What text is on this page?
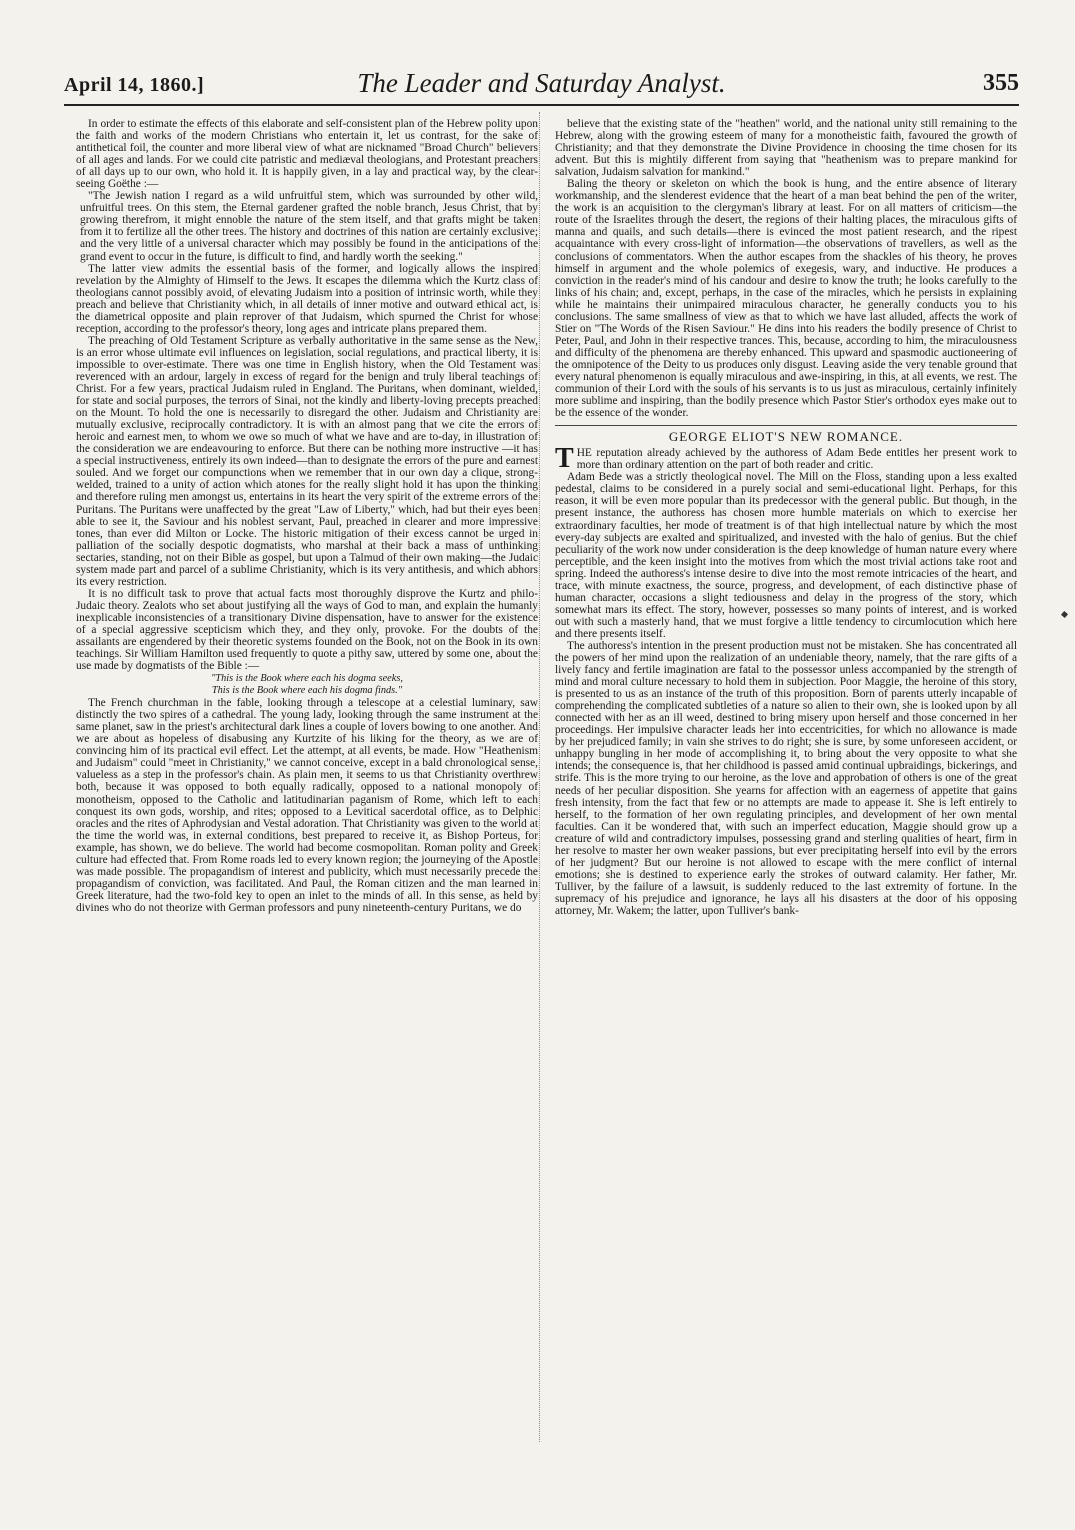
April 14, 1860.]	The Leader and Saturday Analyst.	355

In order to estimate the effects of this elaborate and self-consistent plan of the Hebrew polity upon the faith and works of the modern Christians who entertain it, let us contrast, for the sake of antithetical foil, the counter and more liberal view of what are nicknamed "Broad Church" believers of all ages and lands. For we could cite patristic and mediæval theologians, and Protestant preachers of all days up to our own, who hold it. It is happily given, in a lay and practical way, by the clear-seeing Goëthe :—

"The Jewish nation I regard as a wild unfruitful stem, which was surrounded by other wild, unfruitful trees. On this stem, the Eternal gardener grafted the noble branch, Jesus Christ, that by growing therefrom, it might ennoble the nature of the stem itself, and that grafts might be taken from it to fertilize all the other trees. The history and doctrines of this nation are certainly exclusive; and the very little of a universal character which may possibly be found in the anticipations of the grand event to occur in the future, is difficult to find, and hardly worth the seeking."

The latter view admits the essential basis of the former, and logically allows the inspired revelation by the Almighty of Himself to the Jews. It escapes the dilemma which the Kurtz class of theologians cannot possibly avoid, of elevating Judaism into a position of intrinsic worth, while they preach and believe that Christianity which, in all details of inner motive and outward ethical act, is the diametrical opposite and plain reprover of that Judaism, which spurned the Christ for whose reception, according to the professor's theory, long ages and intricate plans prepared them.

The preaching of Old Testament Scripture as verbally authoritative in the same sense as the New, is an error whose ultimate evil influences on legislation, social regulations, and practical liberty, it is impossible to over-estimate. There was one time in English history, when the Old Testament was reverenced with an ardour, largely in excess of regard for the benign and truly liberal teachings of Christ. For a few years, practical Judaism ruled in England. The Puritans, when dominant, wielded, for state and social purposes, the terrors of Sinai, not the kindly and liberty-loving precepts preached on the Mount. To hold the one is necessarily to disregard the other. Judaism and Christianity are mutually exclusive, reciprocally contradictory. It is with an almost pang that we cite the errors of heroic and earnest men, to whom we owe so much of what we have and are to-day, in illustration of the consideration we are endeavouring to enforce. But there can be nothing more instructive —it has a special instructiveness, entirely its own indeed—than to designate the errors of the pure and earnest souled. And we forget our compunctions when we remember that in our own day a clique, strong-welded, trained to a unity of action which atones for the really slight hold it has upon the thinking and therefore ruling men amongst us, entertains in its heart the very spirit of the extreme errors of the Puritans. The Puritans were unaffected by the great "Law of Liberty," which, had but their eyes been able to see it, the Saviour and his noblest servant, Paul, preached in clearer and more impressive tones, than ever did Milton or Locke. The historic mitigation of their excess cannot be urged in palliation of the socially despotic dogmatists, who marshal at their back a mass of unthinking sectaries, standing, not on their Bible as gospel, but upon a Talmud of their own making—the Judaic system made part and parcel of a sublime Christianity, which is its very antithesis, and which abhors its every restriction.

It is no difficult task to prove that actual facts most thoroughly disprove the Kurtz and philo-Judaic theory. Zealots who set about justifying all the ways of God to man, and explain the humanly inexplicable inconsistencies of a transitionary Divine dispensation, have to answer for the existence of a special aggressive scepticism which they, and they only, provoke. For the doubts of the assailants are engendered by their theoretic systems founded on the Book, not on the Book in its own teachings. Sir William Hamilton used frequently to quote a pithy saw, uttered by some one, about the use made by dogmatists of the Bible :—

"This is the Book where each his dogma seeks,

This is the Book where each his dogma finds."

The French churchman in the fable, looking through a telescope at a celestial luminary, saw distinctly the two spires of a cathedral. The young lady, looking through the same instrument at the same planet, saw in the priest's architectural dark lines a couple of lovers bowing to one another. And we are about as hopeless of disabusing any Kurtzite of his liking for the theory, as we are of convincing him of its practical evil effect. Let the attempt, at all events, be made. How "Heathenism and Judaism" could "meet in Christianity," we cannot conceive, except in a bald chronological sense, valueless as a step in the professor's chain. As plain men, it seems to us that Christianity overthrew both, because it was opposed to both equally radically, opposed to a national monopoly of monotheism, opposed to the Catholic and latitudinarian paganism of Rome, which left to each conquest its own gods, worship, and rites; opposed to a Levitical sacerdotal office, as to Delphic oracles and the rites of Aphrodysian and Vestal adoration. That Christianity was given to the world at the time the world was, in external conditions, best prepared to receive it, as Bishop Porteus, for example, has shown, we do believe. The world had become cosmopolitan. Roman polity and Greek culture had effected that. From Rome roads led to every known region; the journeying of the Apostle was made possible. The propagandism of interest and publicity, which must necessarily precede the propagandism of conviction, was facilitated. And Paul, the Roman citizen and the man learned in Greek literature, had the two-fold key to open an inlet to the minds of all. In this sense, as held by divines who do not theorize with German professors and puny nineteenth-century Puritans, we do

believe that the existing state of the "heathen" world, and the national unity still remaining to the Hebrew, along with the growing esteem of many for a monotheistic faith, favoured the growth of Christianity; and that they demonstrate the Divine Providence in choosing the time chosen for its advent. But this is mightily different from saying that "heathenism was to prepare mankind for salvation, Judaism salvation for mankind."

Baling the theory or skeleton on which the book is hung, and the entire absence of literary workmanship, and the slenderest evidence that the heart of a man beat behind the pen of the writer, the work is an acquisition to the clergyman's library at least. For on all matters of criticism—the route of the Israelites through the desert, the regions of their halting places, the miraculous gifts of manna and quails, and such details—there is evinced the most patient research, and the ripest acquaintance with every cross-light of information—the observations of travellers, as well as the conclusions of commentators. When the author escapes from the shackles of his theory, he proves himself in argument and the whole polemics of exegesis, wary, and inductive. He produces a conviction in the reader's mind of his candour and desire to know the truth; he looks carefully to the links of his chain; and, except, perhaps, in the case of the miracles, which he persists in explaining while he maintains their unimpaired miraculous character, he generally conducts you to his conclusions. The same smallness of view as that to which we have last alluded, affects the work of Stier on "The Words of the Risen Saviour." He dins into his readers the bodily presence of Christ to Peter, Paul, and John in their respective trances. This, because, according to him, the miraculousness and difficulty of the phenomena are thereby enhanced. This upward and spasmodic auctioneering of the omnipotence of the Deity to us produces only disgust. Leaving aside the very tenable ground that every natural phenomenon is equally miraculous and awe-inspiring, in this, at all events, we rest. The communion of their Lord with the souls of his servants is to us just as miraculous, certainly infinitely more sublime and inspiring, than the bodily presence which Pastor Stier's orthodox eyes make out to be the essence of the wonder.

GEORGE ELIOT'S NEW ROMANCE.

THE reputation already achieved by the authoress of Adam Bede entitles her present work to more than ordinary attention on the part of both reader and critic.

Adam Bede was a strictly theological novel. The Mill on the Floss, standing upon a less exalted pedestal, claims to be considered in a purely social and semi-educational light. Perhaps, for this reason, it will be even more popular than its predecessor with the general public. But though, in the present instance, the authoress has chosen more humble materials on which to exercise her extraordinary faculties, her mode of treatment is of that high intellectual nature by which the most every-day subjects are exalted and spiritualized, and invested with the halo of genius. But the chief peculiarity of the work now under consideration is the deep knowledge of human nature every where perceptible, and the keen insight into the motives from which the most trivial actions take root and spring. Indeed the authoress's intense desire to dive into the most remote intricacies of the heart, and trace, with minute exactness, the source, progress, and development, of each distinctive phase of human character, occasions a slight tediousness and delay in the progress of the story, which somewhat mars its effect. The story, however, possesses so many points of interest, and is worked out with such a masterly hand, that we must forgive a little tendency to circumlocution which here and there presents itself.

The authoress's intention in the present production must not be mistaken. She has concentrated all the powers of her mind upon the realization of an undeniable theory, namely, that the rare gifts of a lively fancy and fertile imagination are fatal to the possessor unless accompanied by the strength of mind and moral culture necessary to hold them in subjection. Poor Maggie, the heroine of this story, is presented to us as an instance of the truth of this proposition. Born of parents utterly incapable of comprehending the complicated subtleties of a nature so alien to their own, she is looked upon by all connected with her as an ill weed, destined to bring misery upon herself and those concerned in her proceedings. Her impulsive character leads her into eccentricities, for which no allowance is made by her prejudiced family; in vain she strives to do right; she is sure, by some unforeseen accident, or unhappy bungling in her mode of accomplishing it, to bring about the very opposite to what she intends; the consequence is, that her childhood is passed amid continual upbraidings, bickerings, and strife. This is the more trying to our heroine, as the love and approbation of others is one of the great needs of her peculiar disposition. She yearns for affection with an eagerness of appetite that gains fresh intensity, from the fact that few or no attempts are made to appease it. She is left entirely to herself, to the formation of her own regulating principles, and development of her own mental faculties. Can it be wondered that, with such an imperfect education, Maggie should grow up a creature of wild and contradictory impulses, possessing grand and sterling qualities of heart, firm in her resolve to master her own weaker passions, but ever precipitating herself into evil by the errors of her judgment? But our heroine is not allowed to escape with the mere conflict of internal emotions; she is destined to experience early the strokes of outward calamity. Her father, Mr. Tulliver, by the failure of a lawsuit, is suddenly reduced to the last extremity of fortune. In the supremacy of his prejudice and ignorance, he lays all his disasters at the door of his opposing attorney, Mr. Wakem; the latter, upon Tulliver's bank-
